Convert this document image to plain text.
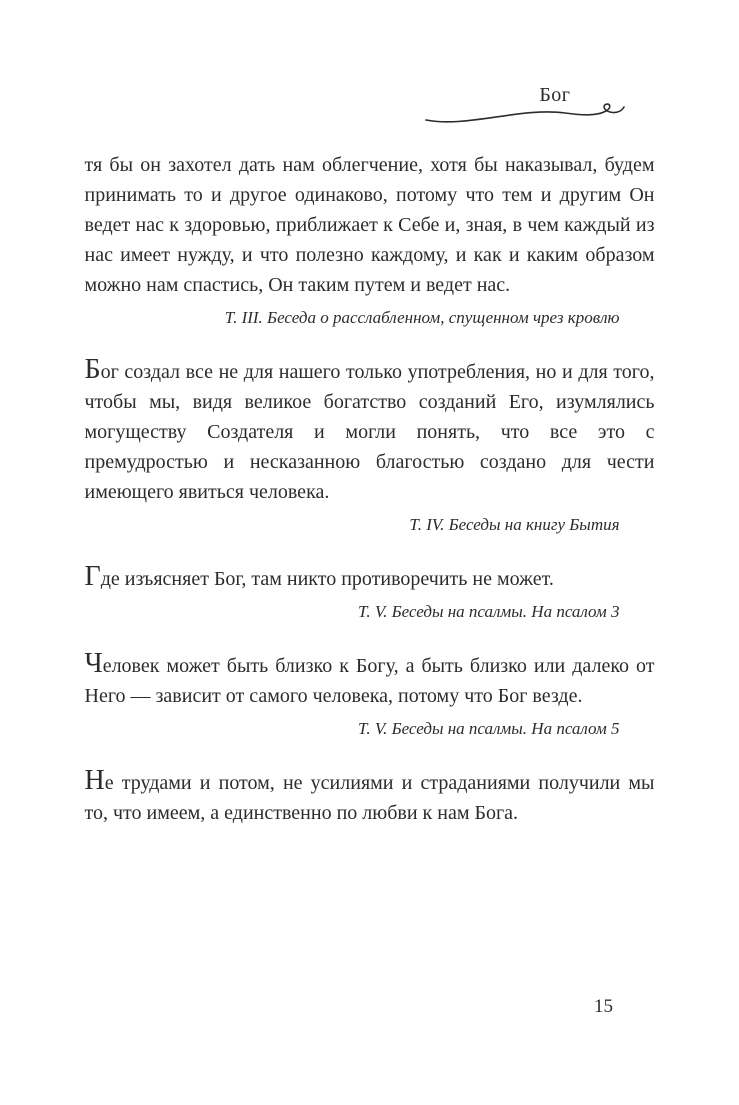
Бог

тя бы он захотел дать нам облегчение, хотя бы наказывал, будем принимать то и другое одинаково, потому что тем и другим Он ведет нас к здоровью, приближает к Себе и, зная, в чем каждый из нас имеет нужду, и что полезно каждому, и как и каким образом можно нам спастись, Он таким путем и ведет нас.

Т. III. Беседа о расслабленном, спущенном чрез кровлю

Бог создал все не для нашего только употребления, но и для того, чтобы мы, видя великое богатство созданий Его, изумлялись могуществу Создателя и могли понять, что все это с премудростью и несказанною благостью создано для чести имеющего явиться человека.

Т. IV. Беседы на книгу Бытия

Где изъясняет Бог, там никто противоречить не может.

Т. V. Беседы на псалмы. На псалом 3

Человек может быть близко к Богу, а быть близко или далеко от Него — зависит от самого человека, потому что Бог везде.

Т. V. Беседы на псалмы. На псалом 5

Не трудами и потом, не усилиями и страданиями получили мы то, что имеем, а единственно по любви к нам Бога.

15
